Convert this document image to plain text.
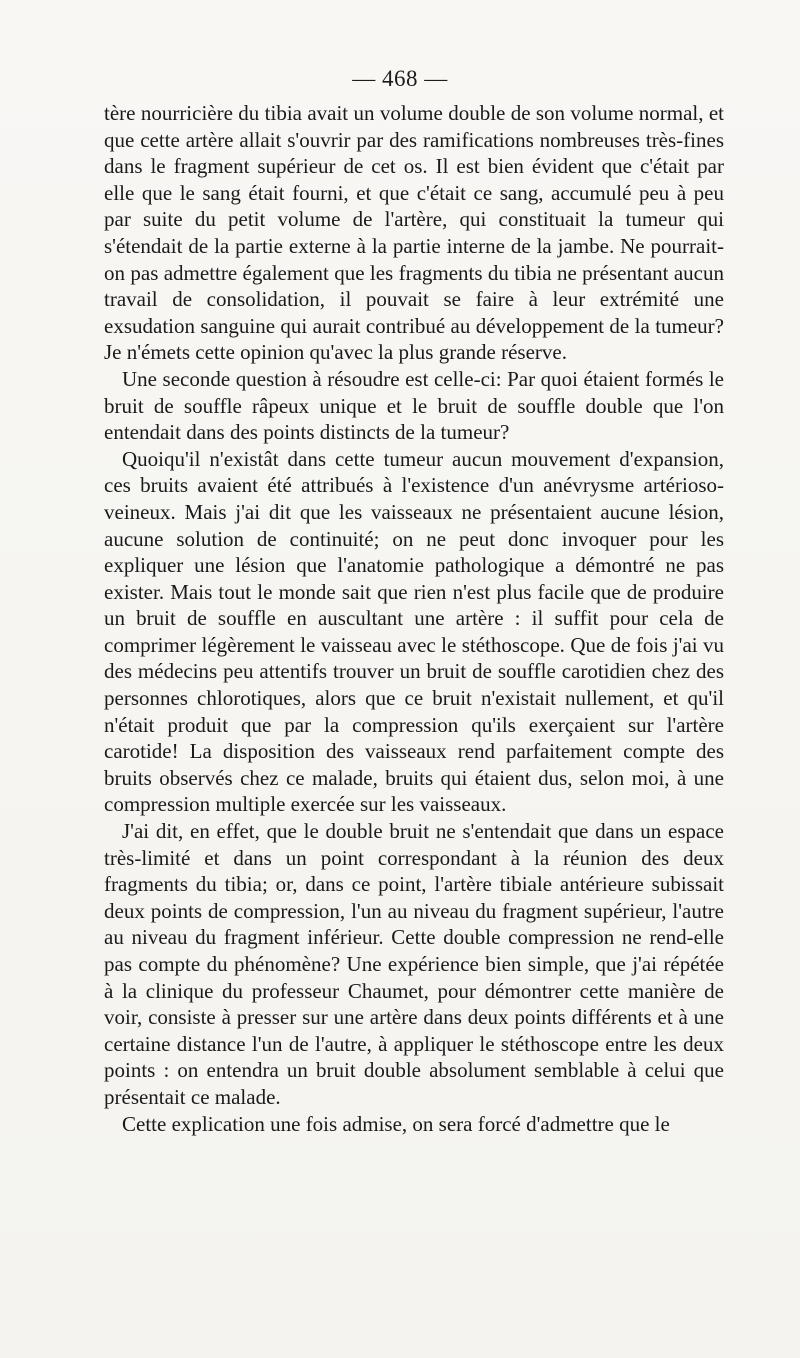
— 468 —

tère nourricière du tibia avait un volume double de son volume normal, et que cette artère allait s'ouvrir par des ramifications nombreuses très-fines dans le fragment supérieur de cet os. Il est bien évident que c'était par elle que le sang était fourni, et que c'était ce sang, accumulé peu à peu par suite du petit volume de l'artère, qui constituait la tumeur qui s'étendait de la partie externe à la partie interne de la jambe. Ne pourrait-on pas admettre également que les fragments du tibia ne présentant aucun travail de consolidation, il pouvait se faire à leur extrémité une exsudation sanguine qui aurait contribué au développement de la tumeur? Je n'émets cette opinion qu'avec la plus grande réserve.

Une seconde question à résoudre est celle-ci: Par quoi étaient formés le bruit de souffle râpeux unique et le bruit de souffle double que l'on entendait dans des points distincts de la tumeur?

Quoiqu'il n'existât dans cette tumeur aucun mouvement d'expansion, ces bruits avaient été attribués à l'existence d'un anévrysme artérioso-veineux. Mais j'ai dit que les vaisseaux ne présentaient aucune lésion, aucune solution de continuité; on ne peut donc invoquer pour les expliquer une lésion que l'anatomie pathologique a démontré ne pas exister. Mais tout le monde sait que rien n'est plus facile que de produire un bruit de souffle en auscultant une artère : il suffit pour cela de comprimer légèrement le vaisseau avec le stéthoscope. Que de fois j'ai vu des médecins peu attentifs trouver un bruit de souffle carotidien chez des personnes chlorotiques, alors que ce bruit n'existait nullement, et qu'il n'était produit que par la compression qu'ils exerçaient sur l'artère carotide! La disposition des vaisseaux rend parfaitement compte des bruits observés chez ce malade, bruits qui étaient dus, selon moi, à une compression multiple exercée sur les vaisseaux.

J'ai dit, en effet, que le double bruit ne s'entendait que dans un espace très-limité et dans un point correspondant à la réunion des deux fragments du tibia; or, dans ce point, l'artère tibiale antérieure subissait deux points de compression, l'un au niveau du fragment supérieur, l'autre au niveau du fragment inférieur. Cette double compression ne rend-elle pas compte du phénomène? Une expérience bien simple, que j'ai répétée à la clinique du professeur Chaumet, pour démontrer cette manière de voir, consiste à presser sur une artère dans deux points différents et à une certaine distance l'un de l'autre, à appliquer le stéthoscope entre les deux points : on entendra un bruit double absolument semblable à celui que présentait ce malade.

Cette explication une fois admise, on sera forcé d'admettre que le
